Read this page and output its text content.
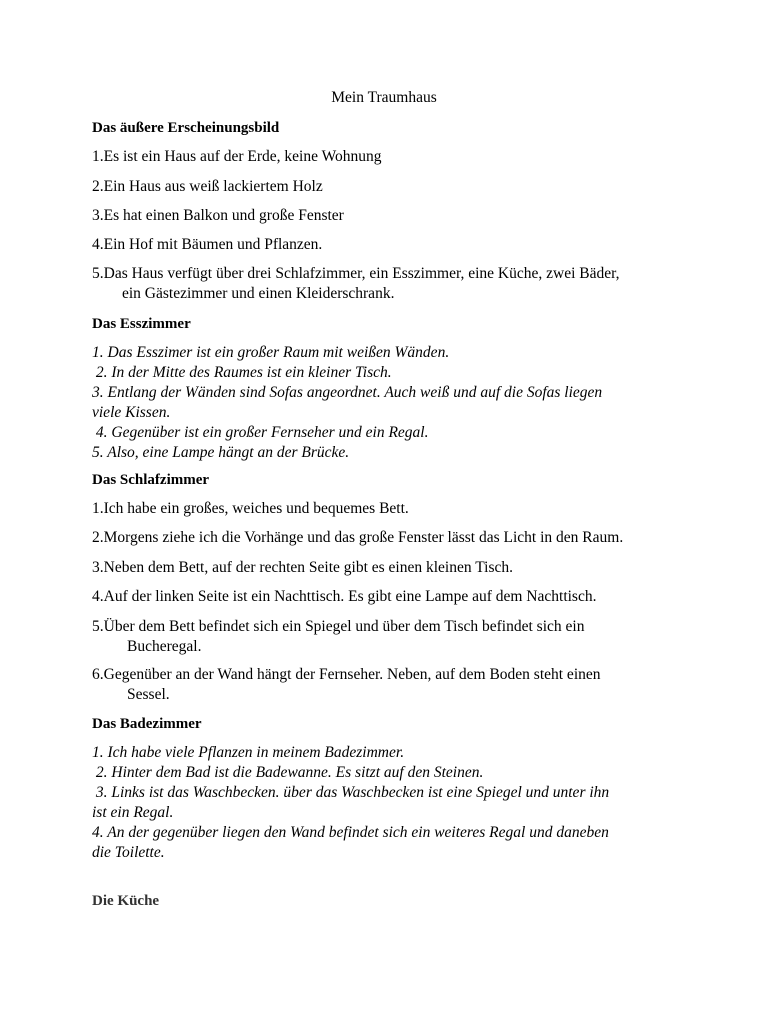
Mein Traumhaus
Das äußere Erscheinungsbild
1.Es ist ein Haus auf der Erde, keine Wohnung
2.Ein Haus aus weiß lackiertem Holz
3.Es hat einen Balkon und große Fenster
4.Ein Hof mit Bäumen und Pflanzen.
5.Das Haus verfügt über drei Schlafzimmer, ein Esszimmer, eine Küche, zwei Bäder,
ein Gästezimmer und einen Kleiderschrank.
Das Esszimmer
1. Das Esszimer ist ein großer Raum mit weißen Wänden.
2. In der Mitte des Raumes ist ein kleiner Tisch.
3. Entlang der Wänden sind Sofas angeordnet. Auch weiß und auf die Sofas liegen
viele Kissen.
4. Gegenüber ist ein großer Fernseher und ein Regal.
5. Also, eine Lampe hängt an der Brücke.
Das Schlafzimmer
1.Ich habe ein großes, weiches und bequemes Bett.
2.Morgens ziehe ich die Vorhänge und das große Fenster lässt das Licht in den Raum.
3.Neben dem Bett, auf der rechten Seite gibt es einen kleinen Tisch.
4.Auf der linken Seite ist ein Nachttisch. Es gibt eine Lampe auf dem Nachttisch.
5.Über dem Bett befindet sich ein Spiegel und über dem Tisch befindet sich ein
Bucheregal.
6.Gegenüber an der Wand hängt der Fernseher. Neben, auf dem Boden steht einen
Sessel.
Das Badezimmer
1. Ich habe viele Pflanzen in meinem Badezimmer.
2. Hinter dem Bad ist die Badewanne. Es sitzt auf den Steinen.
3. Links ist das Waschbecken. über das Waschbecken ist eine Spiegel und unter ihn
ist ein Regal.
4. An der gegenüber liegen den Wand befindet sich ein weiteres Regal und daneben
die Toilette.
Die Küche
